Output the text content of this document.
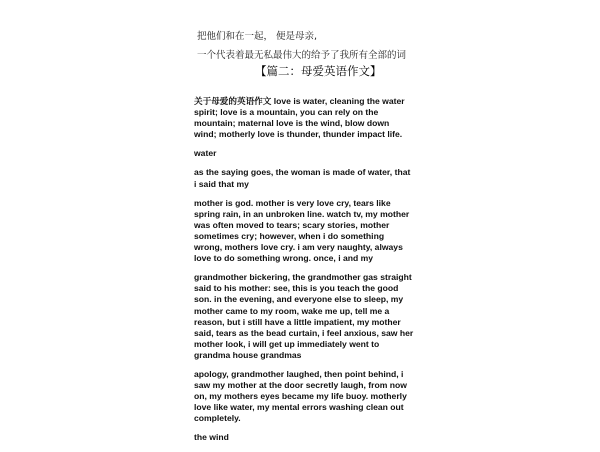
把他们和在一起， 便是母亲,
一个代表着最无私最伟大的给予了我所有全部的词
【篇二：母爱英语作文】

关于母爱的英语作文 love is water, cleaning the water spirit; love is a mountain, you can rely on the mountain; maternal love is the wind, blow down wind; motherly love is thunder, thunder impact life.

water

as the saying goes, the woman is made of water, that i said that my

mother is god. mother is very love cry, tears like spring rain, in an unbroken line. watch tv, my mother was often moved to tears; scary stories, mother sometimes cry; however, when i do something wrong, mothers love cry. i am very naughty, always love to do something wrong. once, i and my

grandmother bickering, the grandmother gas straight said to his mother: see, this is you teach the good son. in the evening, and everyone else to sleep, my mother came to my room, wake me up, tell me a reason, but i still have a little impatient, my mother said, tears as the bead curtain, i feel anxious, saw her mother look, i will get up immediately went to grandma house grandmas

apology, grandmother laughed, then point behind, i saw my mother at the door secretly laugh, from now on, my mothers eyes became my life buoy. motherly love like water, my mental errors washing clean out completely.

the wind
